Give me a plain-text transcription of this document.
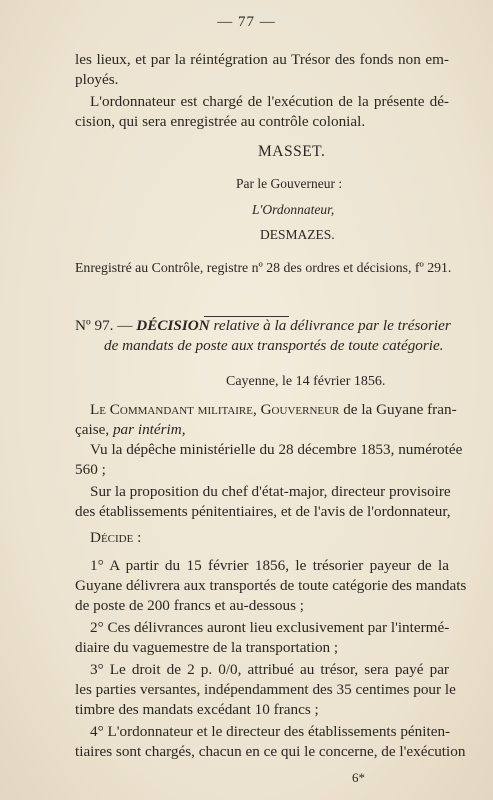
— 77 —
les lieux, et par la réintégration au Trésor des fonds non em-
ployés.
L'ordonnateur est chargé de l'exécution de la présente dé-
cision, qui sera enregistrée au contrôle colonial.
MASSET.
Par le Gouverneur :
L'Ordonnateur,
DESMAZES.
Enregistré au Contrôle, registre nº 28 des ordres et décisions, fº 291.
Nº 97. — DÉCISION relative à la délivrance par le trésorier
de mandats de poste aux transportés de toute catégorie.
Cayenne, le 14 février 1856.
Le Commandant militaire, Gouverneur de la Guyane fran-
çaise, par intérim,
Vu la dépêche ministérielle du 28 décembre 1853, numérotée
560 ;
Sur la proposition du chef d'état-major, directeur provisoire
des établissements pénitentiaires, et de l'avis de l'ordonnateur,
Décide :
1° A partir du 15 février 1856, le trésorier payeur de la
Guyane délivrera aux transportés de toute catégorie des mandats
de poste de 200 francs et au-dessous ;
2° Ces délivrances auront lieu exclusivement par l'intermé-
diaire du vaguemestre de la transportation ;
3° Le droit de 2 p. 0/0, attribué au trésor, sera payé par
les parties versantes, indépendamment des 35 centimes pour le
timbre des mandats excédant 10 francs ;
4° L'ordonnateur et le directeur des établissements péniten-
tiaires sont chargés, chacun en ce qui le concerne, de l'exécution
6*
